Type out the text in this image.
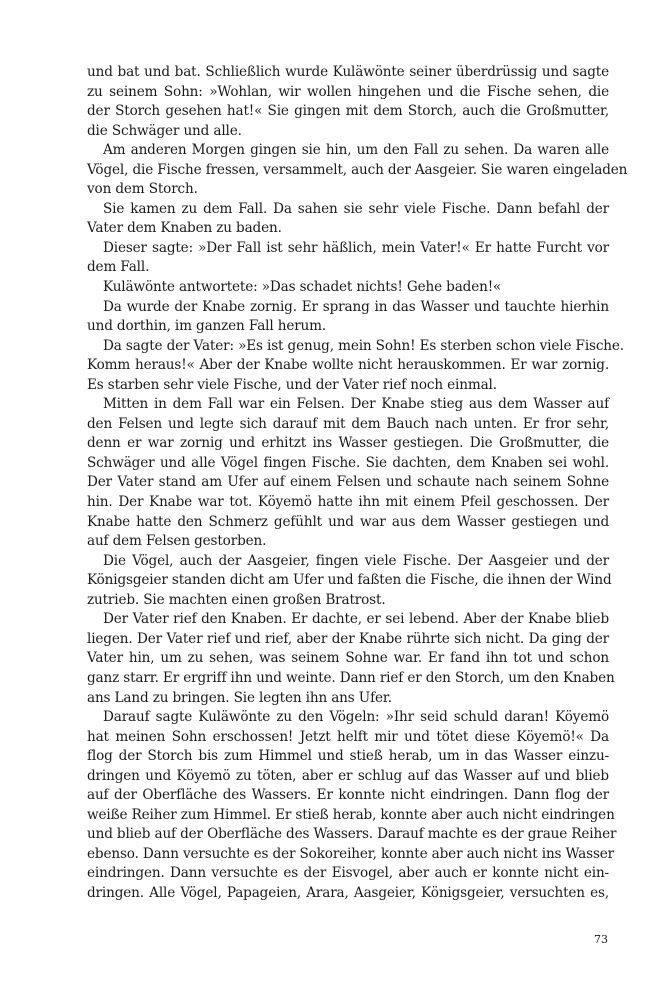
und bat und bat. Schließlich wurde Kuläwönte seiner überdrüssig und sagte
zu seinem Sohn: »Wohlan, wir wollen hingehen und die Fische sehen, die
der Storch gesehen hat!« Sie gingen mit dem Storch, auch die Großmutter,
die Schwäger und alle.
Am anderen Morgen gingen sie hin, um den Fall zu sehen. Da waren alle
Vögel, die Fische fressen, versammelt, auch der Aasgeier. Sie waren eingeladen
von dem Storch.
Sie kamen zu dem Fall. Da sahen sie sehr viele Fische. Dann befahl der
Vater dem Knaben zu baden.
Dieser sagte: »Der Fall ist sehr häßlich, mein Vater!« Er hatte Furcht vor
dem Fall.
Kuläwönte antwortete: »Das schadet nichts! Gehe baden!«
Da wurde der Knabe zornig. Er sprang in das Wasser und tauchte hierhin
und dorthin, im ganzen Fall herum.
Da sagte der Vater: »Es ist genug, mein Sohn! Es sterben schon viele Fische.
Komm heraus!« Aber der Knabe wollte nicht herauskommen. Er war zornig.
Es starben sehr viele Fische, und der Vater rief noch einmal.
Mitten in dem Fall war ein Felsen. Der Knabe stieg aus dem Wasser auf
den Felsen und legte sich darauf mit dem Bauch nach unten. Er fror sehr,
denn er war zornig und erhitzt ins Wasser gestiegen. Die Großmutter, die
Schwäger und alle Vögel fingen Fische. Sie dachten, dem Knaben sei wohl.
Der Vater stand am Ufer auf einem Felsen und schaute nach seinem Sohne
hin. Der Knabe war tot. Köyemö hatte ihn mit einem Pfeil geschossen. Der
Knabe hatte den Schmerz gefühlt und war aus dem Wasser gestiegen und
auf dem Felsen gestorben.
Die Vögel, auch der Aasgeier, fingen viele Fische. Der Aasgeier und der
Königsgeier standen dicht am Ufer und faßten die Fische, die ihnen der Wind
zutrieb. Sie machten einen großen Bratrost.
Der Vater rief den Knaben. Er dachte, er sei lebend. Aber der Knabe blieb
liegen. Der Vater rief und rief, aber der Knabe rührte sich nicht. Da ging der
Vater hin, um zu sehen, was seinem Sohne war. Er fand ihn tot und schon
ganz starr. Er ergriff ihn und weinte. Dann rief er den Storch, um den Knaben
ans Land zu bringen. Sie legten ihn ans Ufer.
Darauf sagte Kuläwönte zu den Vögeln: »Ihr seid schuld daran! Köyemö
hat meinen Sohn erschossen! Jetzt helft mir und tötet diese Köyemö!« Da
flog der Storch bis zum Himmel und stieß herab, um in das Wasser einzu-
dringen und Köyemö zu töten, aber er schlug auf das Wasser auf und blieb
auf der Oberfläche des Wassers. Er konnte nicht eindringen. Dann flog der
weiße Reiher zum Himmel. Er stieß herab, konnte aber auch nicht eindringen
und blieb auf der Oberfläche des Wassers. Darauf machte es der graue Reiher
ebenso. Dann versuchte es der Sokoreiher, konnte aber auch nicht ins Wasser
eindringen. Dann versuchte es der Eisvogel, aber auch er konnte nicht ein-
dringen. Alle Vögel, Papageien, Arara, Aasgeier, Königsgeier, versuchten es,
73
